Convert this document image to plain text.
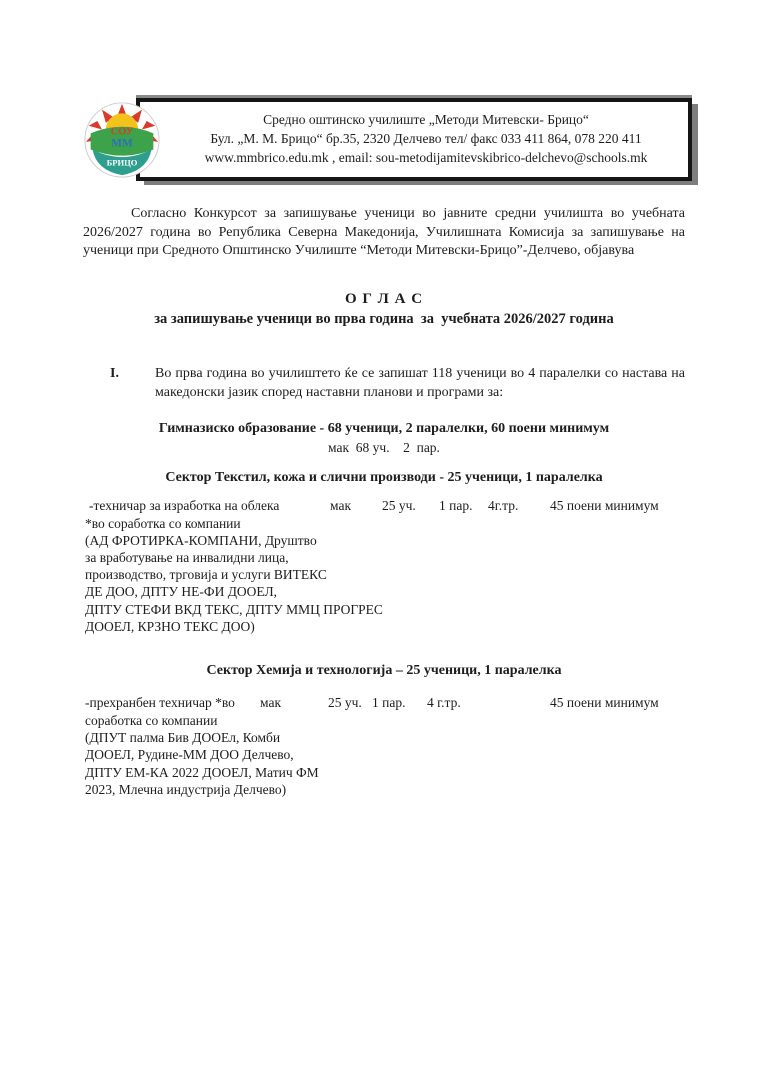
СОУ
ММ
БРИЦО
Средно оштинско училиште „Методи Митевски- Брицо“
Бул. „М. М. Брицо“ бр.35, 2320 Делчево тел/ факс 033 411 864, 078 220 411
www.mmbrico.edu.mk , email: sou-metodijamitevskibrico-delchevo@schools.mk

Согласно Конкурсот за запишување ученици во јавните средни училишта во учебната 2026/2027 година во Република Северна Македонија, Училишната Комисија за запишување на ученици при Средното Општинско Училиште “Методи Митевски-Брицо”-Делчево, објавува

О Г Л А С
за запишување ученици во прва година  за  учебната 2026/2027 година
I.	Во прва година во училиштето ќе се запишат 118 ученици во 4 паралелки со настава на македонски јазик според наставни планови и програми за:
Гимназиско образование - 68 ученици, 2 паралелки, 60 поени минимум
мак  68 уч.    2  пар.
Сектор Текстил, кожа и слични производи - 25 ученици, 1 паралелка
-техничар за изработка на облека	мак 25 уч. 1 пар. 4г.тр. 45 поени минимум
*во соработка со компании
(АД ФРОТИРКА-КОМПАНИ, Друштво
за вработување на инвалидни лица,
производство, трговија и услуги ВИТЕКС
ДЕ ДОО, ДПТУ НЕ-ФИ ДООЕЛ,
ДПТУ СТЕФИ ВКД ТЕКС, ДПТУ ММЦ ПРОГРЕС
ДООЕЛ, КРЗНО ТЕКС ДОО)
Сектор Хемија и технологија – 25 ученици, 1 паралелка
-прехранбен техничар *во мак	25 уч. 1 пар. 4 г.тр.	45 поени минимум
соработка со компании
(ДПУТ палма Бив ДООЕл, Комби
ДООЕЛ, Рудине-ММ ДОО Делчево,
ДПТУ ЕМ-КА 2022 ДООЕЛ, Матич ФМ
2023, Млечна индустрија Делчево)
